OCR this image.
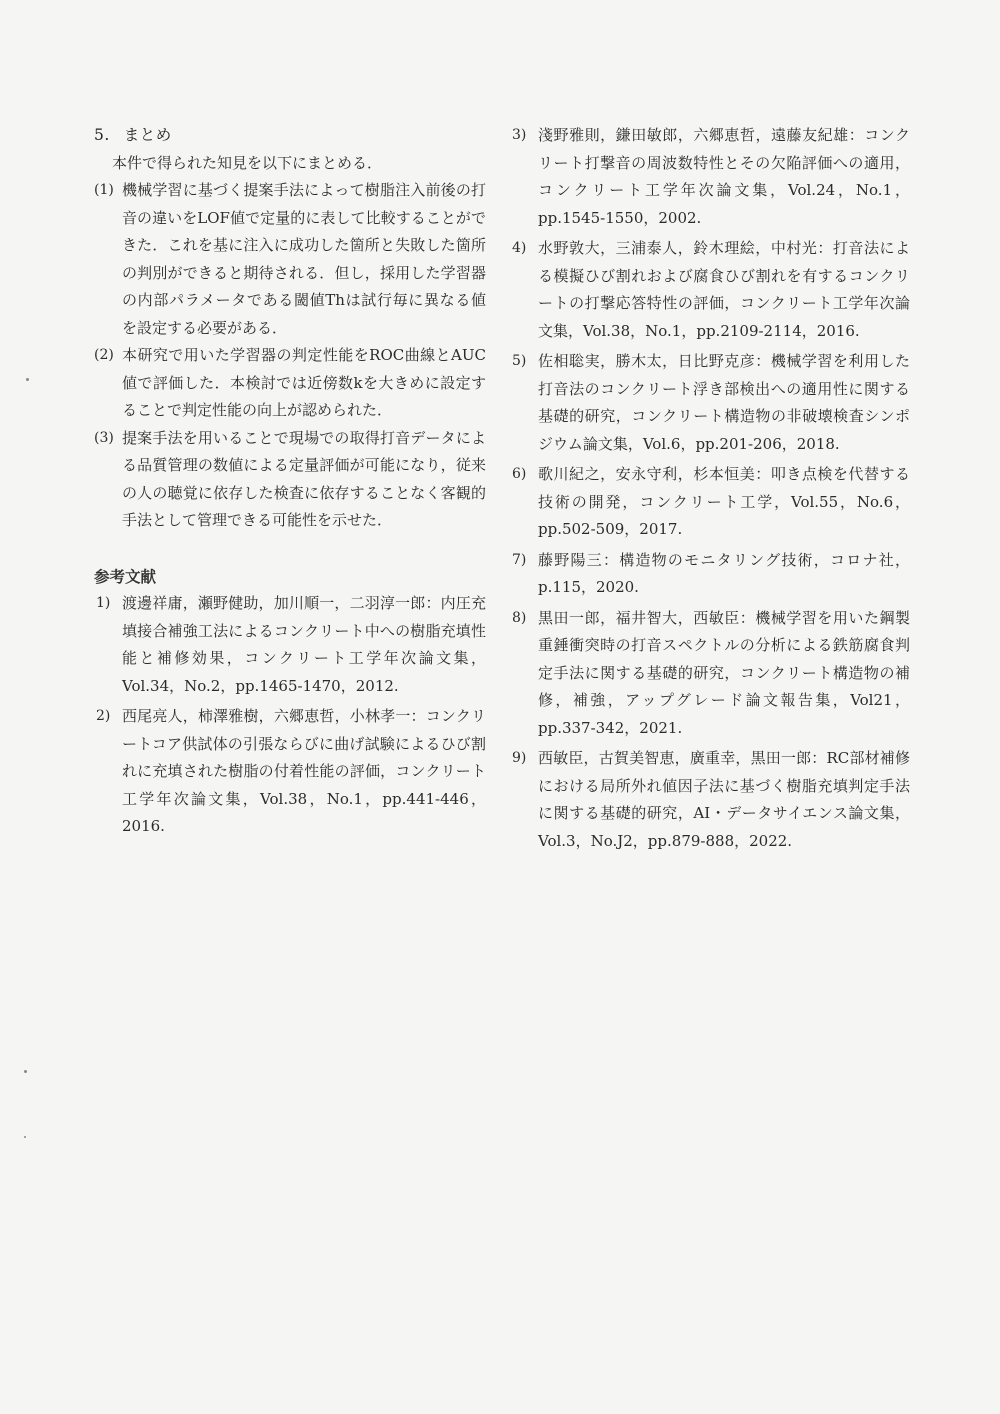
5. まとめ

本件で得られた知見を以下にまとめる．

(1) 機械学習に基づく提案手法によって樹脂注入前後の打音の違いをLOF値で定量的に表して比較することができた．これを基に注入に成功した箇所と失敗した箇所の判別ができると期待される．但し，採用した学習器の内部パラメータである閾値Thは試行毎に異なる値を設定する必要がある．
(2) 本研究で用いた学習器の判定性能をROC曲線とAUC値で評価した．本検討では近傍数kを大きめに設定することで判定性能の向上が認められた．
(3) 提案手法を用いることで現場での取得打音データによる品質管理の数値による定量評価が可能になり，従来の人の聴覚に依存した検査に依存することなく客観的手法として管理できる可能性を示せた．
参考文献
1) 渡邊祥庸，瀬野健助，加川順一，二羽淳一郎：内圧充填接合補強工法によるコンクリート中への樹脂充填性能と補修効果，コンクリート工学年次論文集，Vol.34，No.2，pp.1465-1470，2012.
2) 西尾亮人，柿澤雅樹，六郷恵哲，小林孝一：コンクリートコア供試体の引張ならびに曲げ試験によるひび割れに充填された樹脂の付着性能の評価，コンクリート工学年次論文集，Vol.38，No.1，pp.441-446，2016.
3) 淺野雅則，鎌田敏郎，六郷恵哲，遠藤友紀雄：コンクリート打撃音の周波数特性とその欠陥評価への適用，コンクリート工学年次論文集，Vol.24，No.1，pp.1545-1550，2002.
4) 水野敦大，三浦泰人，鈴木理絵，中村光：打音法による模擬ひび割れおよび腐食ひび割れを有するコンクリートの打撃応答特性の評価，コンクリート工学年次論文集，Vol.38，No.1，pp.2109-2114，2016.
5) 佐相聡実，勝木太，日比野克彦：機械学習を利用した打音法のコンクリート浮き部検出への適用性に関する基礎的研究，コンクリート構造物の非破壊検査シンポジウム論文集，Vol.6，pp.201-206，2018.
6) 歌川紀之，安永守利，杉本恒美：叩き点検を代替する技術の開発，コンクリート工学，Vol.55，No.6，pp.502-509，2017.
7) 藤野陽三：構造物のモニタリング技術，コロナ社，p.115，2020.
8) 黒田一郎，福井智大，西敏臣：機械学習を用いた鋼製重錘衝突時の打音スペクトルの分析による鉄筋腐食判定手法に関する基礎的研究，コンクリート構造物の補修，補強，アップグレード論文報告集，Vol21，pp.337-342，2021.
9) 西敏臣，古賀美智恵，廣重幸，黒田一郎：RC部材補修における局所外れ値因子法に基づく樹脂充填判定手法に関する基礎的研究，AI・データサイエンス論文集，Vol.3，No.J2，pp.879-888，2022.
